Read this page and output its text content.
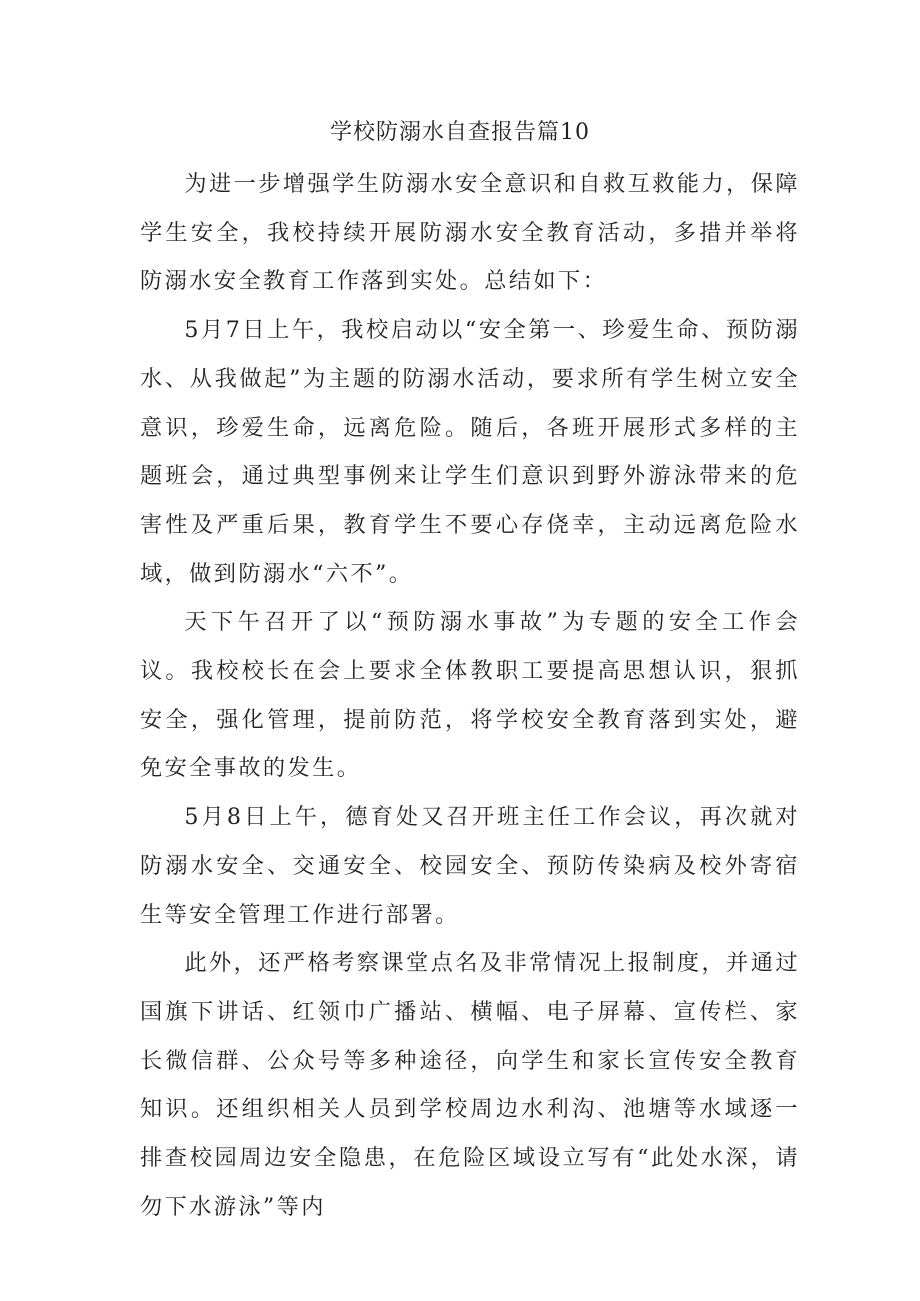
学校防溺水自查报告篇10

为进一步增强学生防溺水安全意识和自救互救能力，保障学生安全，我校持续开展防溺水安全教育活动，多措并举将防溺水安全教育工作落到实处。总结如下：

5月7日上午，我校启动以“安全第一、珍爱生命、预防溺水、从我做起”为主题的防溺水活动，要求所有学生树立安全意识，珍爱生命，远离危险。随后，各班开展形式多样的主题班会，通过典型事例来让学生们意识到野外游泳带来的危害性及严重后果，教育学生不要心存侥幸，主动远离危险水域，做到防溺水“六不”。

天下午召开了以“预防溺水事故”为专题的安全工作会议。我校校长在会上要求全体教职工要提高思想认识，狠抓安全，强化管理，提前防范，将学校安全教育落到实处，避免安全事故的发生。

5月8日上午，德育处又召开班主任工作会议，再次就对防溺水安全、交通安全、校园安全、预防传染病及校外寄宿生等安全管理工作进行部署。

此外，还严格考察课堂点名及非常情况上报制度，并通过国旗下讲话、红领巾广播站、横幅、电子屏幕、宣传栏、家长微信群、公众号等多种途径，向学生和家长宣传安全教育知识。还组织相关人员到学校周边水利沟、池塘等水域逐一排查校园周边安全隐患，在危险区域设立写有“此处水深，请勿下水游泳”等内
